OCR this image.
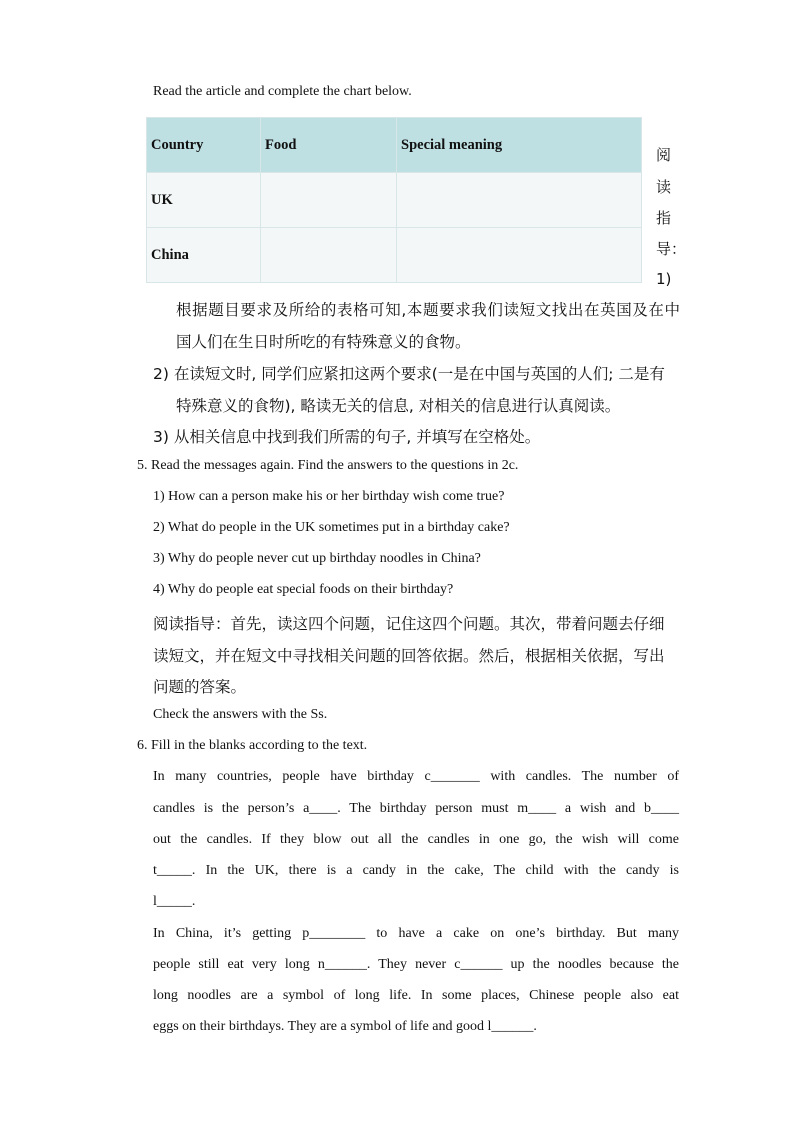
Read the article and complete the chart below.
Country	Food	Special meaning
UK		
China		
阅
读
指
导：
1)
根据题目要求及所给的表格可知,本题要求我们读短文找出在英国及在中
国人们在生日时所吃的有特殊意义的食物。
2) 在读短文时, 同学们应紧扣这两个要求(一是在中国与英国的人们; 二是有
特殊意义的食物), 略读无关的信息, 对相关的信息进行认真阅读。
3) 从相关信息中找到我们所需的句子, 并填写在空格处。
5. Read the messages again. Find the answers to the questions in 2c.
1) How can a person make his or her birthday wish come true?
2) What do people in the UK sometimes put in a birthday cake?
3) Why do people never cut up birthday noodles in China?
4) Why do people eat special foods on their birthday?
阅读指导：首先，读这四个问题，记住这四个问题。其次，带着问题去仔细
读短文，并在短文中寻找相关问题的回答依据。然后，根据相关依据，写出
问题的答案。
Check the answers with the Ss.
6. Fill in the blanks according to the text.
In many countries, people have birthday c_______ with candles. The number of
candles is the person’s a____. The birthday person must m____ a wish and b____
out the candles. If they blow out all the candles in one go, the wish will come
t_____. In the UK, there is a candy in the cake, The child with the candy is
l_____.
In China, it’s getting p________ to have a cake on one’s birthday. But many
people still eat very long n______. They never c______ up the noodles because the
long noodles are a symbol of long life. In some places, Chinese people also eat
eggs on their birthdays. They are a symbol of life and good l______.
